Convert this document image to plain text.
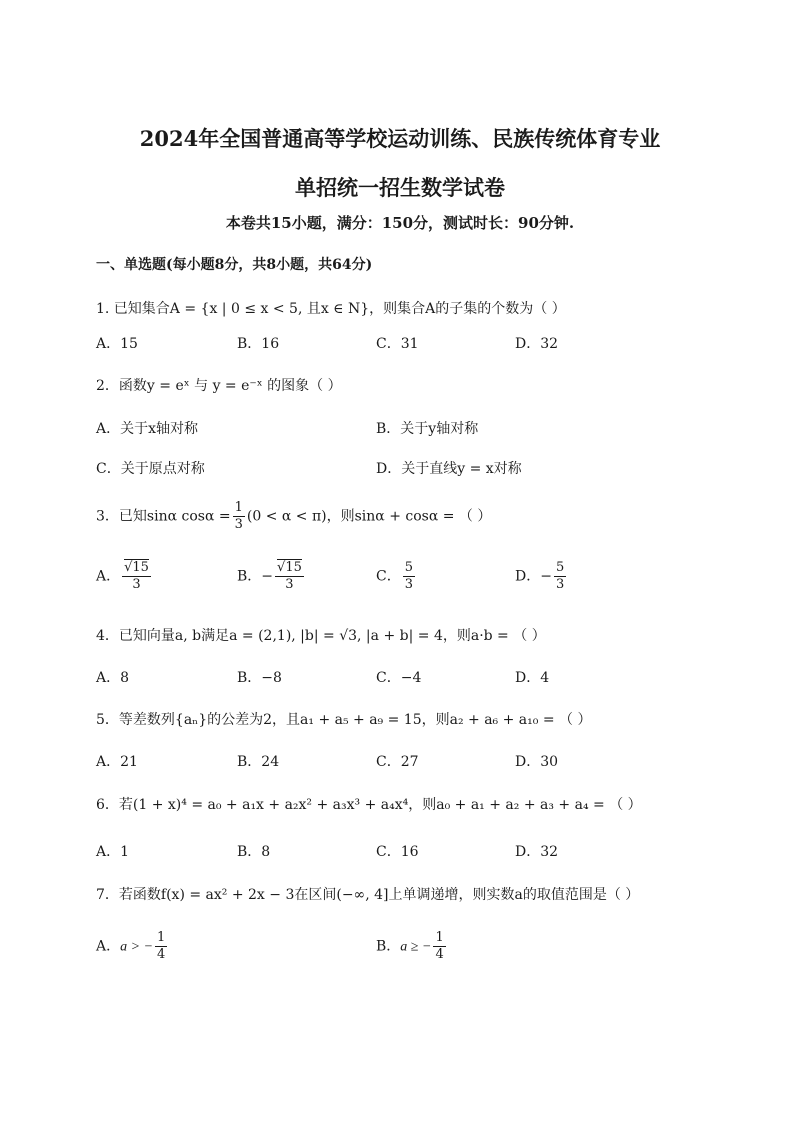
2024年全国普通高等学校运动训练、民族传统体育专业
单招统一招生数学试卷
本卷共15小题，满分：150分，测试时长：90分钟.
一、单选题(每小题8分，共8小题，共64分)
1. 已知集合A = {x | 0 ≤ x < 5, 且x ∈ N}，则集合A的子集的个数为（ ）
A．15	B．16	C．31	D．32
2．函数y = eˣ 与 y = e⁻ˣ 的图象（ ）
A．关于x轴对称	B．关于y轴对称
C．关于原点对称	D．关于直线y = x对称
3．已知sinα $\cos\alpha = \frac{1}{3} (0 < \alpha < \pi)$，则sinα + cosα = （ ）
A． $\frac{√15}{3}$	B．− $\frac{√15}{3}$	C． $\frac{5}{3}$	D．− $\frac{5}{3}$
4．已知向量a, b满足a = (2,1), |b| = √3, |a + b| = 4，则a·b = （ ）
A．8	B．−8	C．−4	D．4
5．等差数列{aₙ}的公差为2，且a₁ + a₅ + a₉ = 15，则a₂ + a₆ + a₁₀ = （ ）
A．21	B．24	C．27	D．30
6．若(1 + x)⁴ = a₀ + a₁x + a₂x² + a₃x³ + a₄x⁴，则a₀ + a₁ + a₂ + a₃ + a₄ = （ ）
A．1	B．8	C．16	D．32
7．若函数f(x) = ax² + 2x − 3在区间(−∞, 4]上单调递增，则实数a的取值范围是（ ）
A．a > − $\frac{1}{4}$	B．a ≥ − $\frac{1}{4}$
